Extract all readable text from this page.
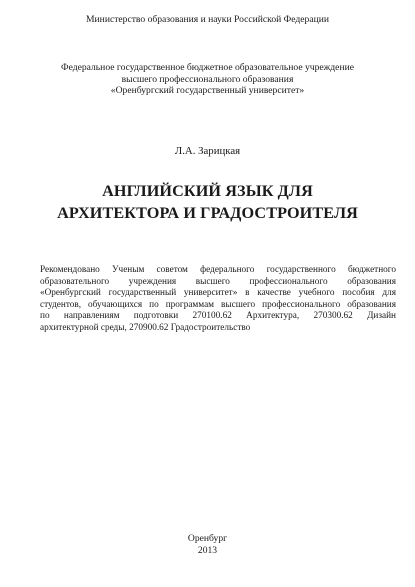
Министерство образования и науки Российской Федерации
Федеральное государственное бюджетное образовательное учреждение
высшего профессионального образования
«Оренбургский государственный университет»
Л.А. Зарицкая
АНГЛИЙСКИЙ ЯЗЫК ДЛЯ
АРХИТЕКТОРА И ГРАДОСТРОИТЕЛЯ
Рекомендовано Ученым советом федерального государственного бюджетного
образовательного учреждения высшего профессионального образования
«Оренбургский государственный университет» в качестве учебного пособия для
студентов, обучающихся по программам высшего профессионального образования
по направлениям подготовки 270100.62 Архитектура, 270300.62 Дизайн
архитектурной среды, 270900.62 Градостроительство
Оренбург
2013
